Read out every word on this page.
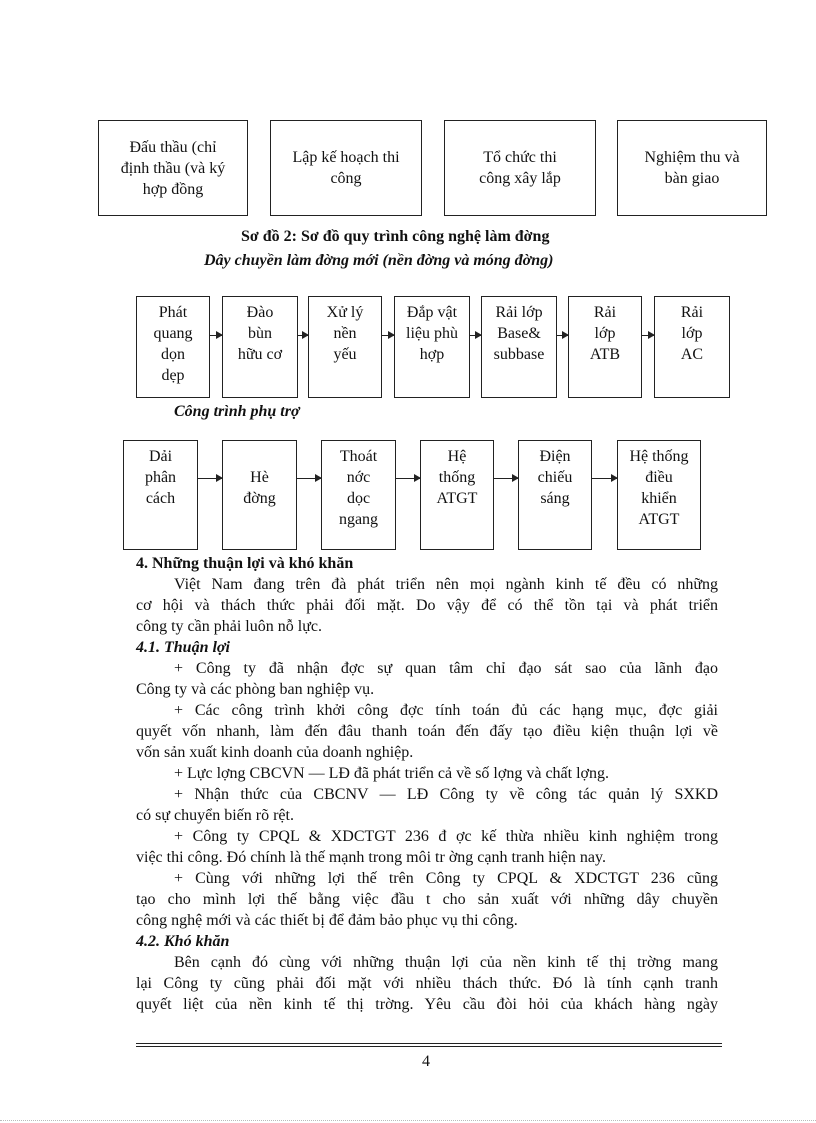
Đấu thầu (chỉ
định thầu (và ký
hợp đồng
Lập kế hoạch thi
công
Tổ chức thi
công xây lắp
Nghiệm thu và
bàn giao
Sơ đồ 2: Sơ đồ quy trình công nghệ làm đờng
Dây chuyền làm đờng mới (nền đờng và móng đờng)
Phát
quang
dọn
dẹp
Đào
bùn
hữu cơ
Xử lý
nền
yếu
Đắp vật
liệu phù
hợp
Rải lớp
Base&
subbase
Rải
lớp
ATB
Rải
lớp
AC
Công trình phụ trợ
Dải
phân
cách
Hè
đờng
Thoát
nớc
dọc
ngang
Hệ
thống
ATGT
Điện
chiếu
sáng
Hệ thống
điều
khiển
ATGT
4. Những thuận lợi và khó khăn
Việt Nam đang trên đà phát triển nên mọi ngành kinh tế đều có những
cơ hội và thách thức phải đối mặt. Do vậy để có thể tồn tại và phát triển
công ty cần phải luôn nỗ lực.
4.1. Thuận lợi
+ Công ty đã nhận đợc sự quan tâm chỉ đạo sát sao của lãnh đạo
Công ty và các phòng ban nghiệp vụ.
+ Các công trình khởi công đợc tính toán đủ các hạng mục, đợc giải
quyết vốn nhanh, làm đến đâu thanh toán đến đấy tạo điều kiện thuận lợi về
vốn sản xuất kinh doanh của doanh nghiệp.
+ Lực lợng CBCVN — LĐ đã phát triển cả về số lợng và chất lợng.
+ Nhận thức của CBCNV — LĐ Công ty về công tác quản lý SXKD
có sự chuyển biến rõ rệt.
+ Công ty CPQL & XDCTGT 236 đ ợc kế thừa nhiều kinh nghiệm trong
việc thi công. Đó chính là thế mạnh trong môi tr ờng cạnh tranh hiện nay.
+ Cùng với những lợi thế trên Công ty CPQL & XDCTGT 236 cũng
tạo cho mình lợi thế bằng việc đầu t cho sản xuất với những dây chuyền
công nghệ mới và các thiết bị để đảm bảo phục vụ thi công.
4.2. Khó khăn
Bên cạnh đó cùng với những thuận lợi của nền kinh tế thị trờng mang
lại Công ty cũng phải đối mặt với nhiều thách thức. Đó là tính cạnh tranh
quyết liệt của nền kinh tế thị trờng. Yêu cầu đòi hỏi của khách hàng ngày
4
